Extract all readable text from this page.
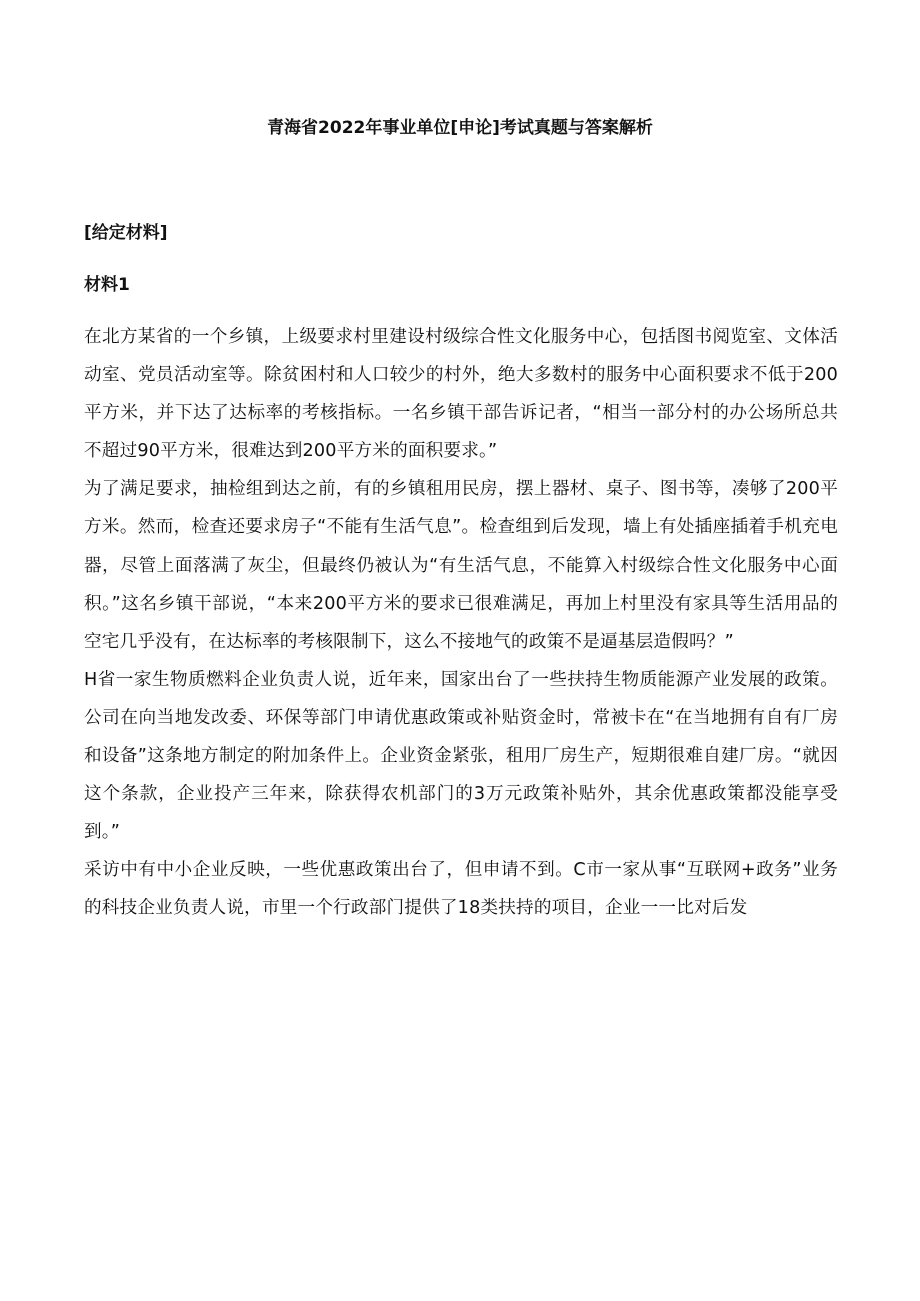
青海省2022年事业单位[申论]考试真题与答案解析
[给定材料]
材料1

在北方某省的一个乡镇，上级要求村里建设村级综合性文化服务中心，包括图书阅览室、文体活动室、党员活动室等。除贫困村和人口较少的村外，绝大多数村的服务中心面积要求不低于200平方米，并下达了达标率的考核指标。一名乡镇干部告诉记者，“相当一部分村的办公场所总共不超过90平方米，很难达到200平方米的面积要求。”

为了满足要求，抽检组到达之前，有的乡镇租用民房，摆上器材、桌子、图书等，凑够了200平方米。然而，检查还要求房子“不能有生活气息”。检查组到后发现，墙上有处插座插着手机充电器，尽管上面落满了灰尘，但最终仍被认为“有生活气息，不能算入村级综合性文化服务中心面积。”这名乡镇干部说，“本来200平方米的要求已很难满足，再加上村里没有家具等生活用品的空宅几乎没有，在达标率的考核限制下，这么不接地气的政策不是逼基层造假吗？”

H省一家生物质燃料企业负责人说，近年来，国家出台了一些扶持生物质能源产业发展的政策。公司在向当地发改委、环保等部门申请优惠政策或补贴资金时，常被卡在“在当地拥有自有厂房和设备”这条地方制定的附加条件上。企业资金紧张，租用厂房生产，短期很难自建厂房。“就因这个条款，企业投产三年来，除获得农机部门的3万元政策补贴外，其余优惠政策都没能享受到。”

采访中有中小企业反映，一些优惠政策出台了，但申请不到。C市一家从事“互联网+政务”业务的科技企业负责人说，市里一个行政部门提供了18类扶持的项目，企业一一比对后发
